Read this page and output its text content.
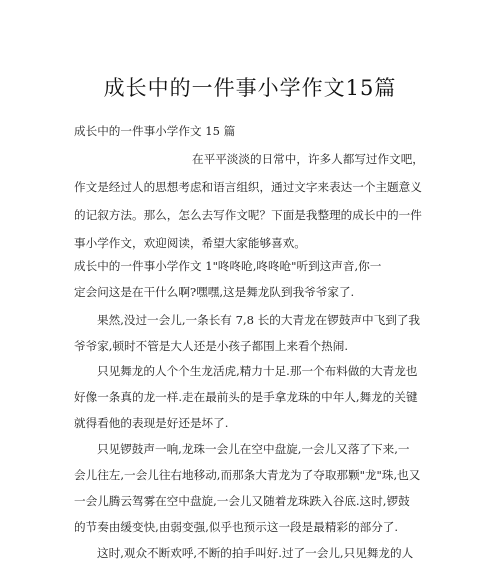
成长中的一件事小学作文15篇
成长中的一件事小学作文 15 篇
在平平淡淡的日常中，许多人都写过作文吧，
作文是经过人的思想考虑和语言组织，通过文字来表达一个主题意义
的记叙方法。那么，怎么去写作文呢？下面是我整理的成长中的一件
事小学作文，欢迎阅读，希望大家能够喜欢。
成长中的一件事小学作文 1"咚咚呛,咚咚呛"听到这声音,你一
定会问这是在干什么啊?嘿嘿,这是舞龙队到我爷爷家了.
果然,没过一会儿,一条长有 7,8 长的大青龙在锣鼓声中飞到了我
爷爷家,顿时不管是大人还是小孩子都围上来看个热闹.
只见舞龙的人个个生龙活虎,精力十足.那一个布料做的大青龙也
好像一条真的龙一样.走在最前头的是手拿龙珠的中年人,舞龙的关键
就得看他的表现是好还是坏了.
只见锣鼓声一响,龙珠一会儿在空中盘旋,一会儿又落了下来,一
会儿往左,一会儿往右地移动,而那条大青龙为了夺取那颗"龙"珠,也又
一会儿腾云驾雾在空中盘旋,一会儿又随着龙珠跌入谷底.这时,锣鼓
的节奏由缓变快,由弱变强,似乎也预示这一段是最精彩的部分了.
这时,观众不断欢呼,不断的拍手叫好.过了一会儿,只见舞龙的人
